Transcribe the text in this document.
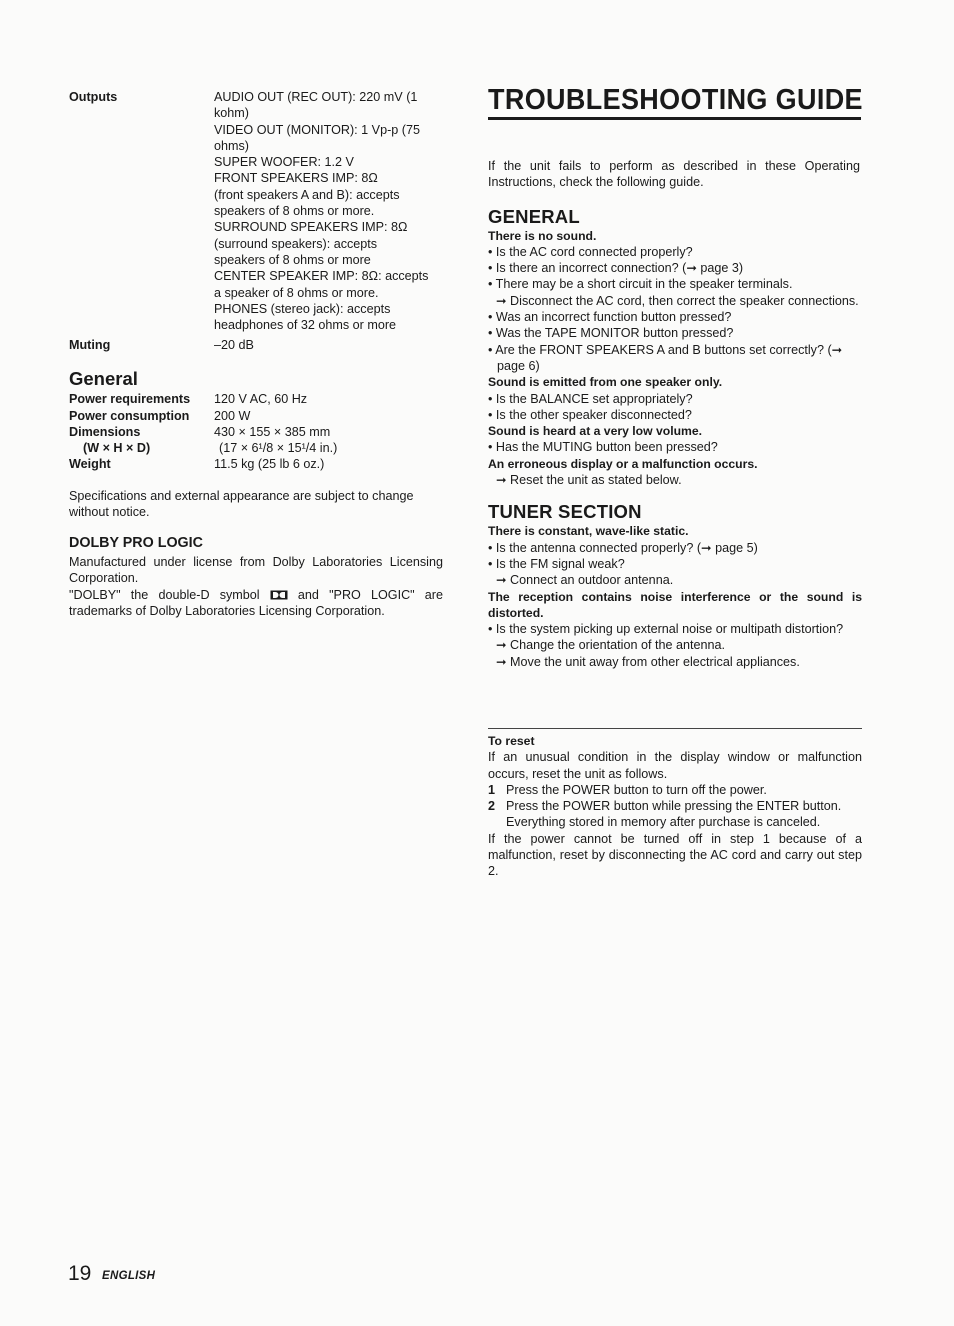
Outputs	AUDIO OUT (REC OUT): 220 mV (1
kohm)
VIDEO OUT (MONITOR): 1 Vp-p (75
ohms)
SUPER WOOFER: 1.2 V
FRONT SPEAKERS IMP: 8Ω
(front speakers A and B): accepts
speakers of 8 ohms or more.
SURROUND SPEAKERS IMP: 8Ω
(surround speakers): accepts
speakers of 8 ohms or more
CENTER SPEAKER IMP: 8Ω: accepts
a speaker of 8 ohms or more.
PHONES (stereo jack): accepts
headphones of 32 ohms or more
Muting	–20 dB
General
Power requirements 120 V AC, 60 Hz
Power consumption 200 W
Dimensions	430 × 155 × 385 mm
(W × H × D)	(17 × 6¹/8 × 15¹/4 in.)
Weight	11.5 kg (25 lb 6 oz.)
Specifications and external appearance are subject to change without notice.
DOLBY PRO LOGIC
Manufactured under license from Dolby Laboratories Licensing Corporation.
"DOLBY" the double-D symbol	and "PRO LOGIC" are trademarks of Dolby Laboratories Licensing Corporation.
TROUBLESHOOTING GUIDE
If the unit fails to perform as described in these Operating Instructions, check the following guide.
GENERAL
There is no sound.
• Is the AC cord connected properly?
• Is there an incorrect connection? (➞ page 3)
• There may be a short circuit in the speaker terminals.
➞ Disconnect the AC cord, then correct the speaker connections.
• Was an incorrect function button pressed?
• Was the TAPE MONITOR button pressed?
• Are the FRONT SPEAKERS A and B buttons set correctly? (➞ page 6)
Sound is emitted from one speaker only.
• Is the BALANCE set appropriately?
• Is the other speaker disconnected?
Sound is heard at a very low volume.
• Has the MUTING button been pressed?
An erroneous display or a malfunction occurs.
➞ Reset the unit as stated below.
TUNER SECTION
There is constant, wave-like static.
• Is the antenna connected properly? (➞ page 5)
• Is the FM signal weak?
➞ Connect an outdoor antenna.
The reception contains noise interference or the sound is distorted.
• Is the system picking up external noise or multipath distortion?
➞ Change the orientation of the antenna.
➞ Move the unit away from other electrical appliances.
To reset
If an unusual condition in the display window or malfunction occurs, reset the unit as follows.
1 Press the POWER button to turn off the power.
2 Press the POWER button while pressing the ENTER button. Everything stored in memory after purchase is canceled.
If the power cannot be turned off in step 1 because of a malfunction, reset by disconnecting the AC cord and carry out step 2.
19 ENGLISH
